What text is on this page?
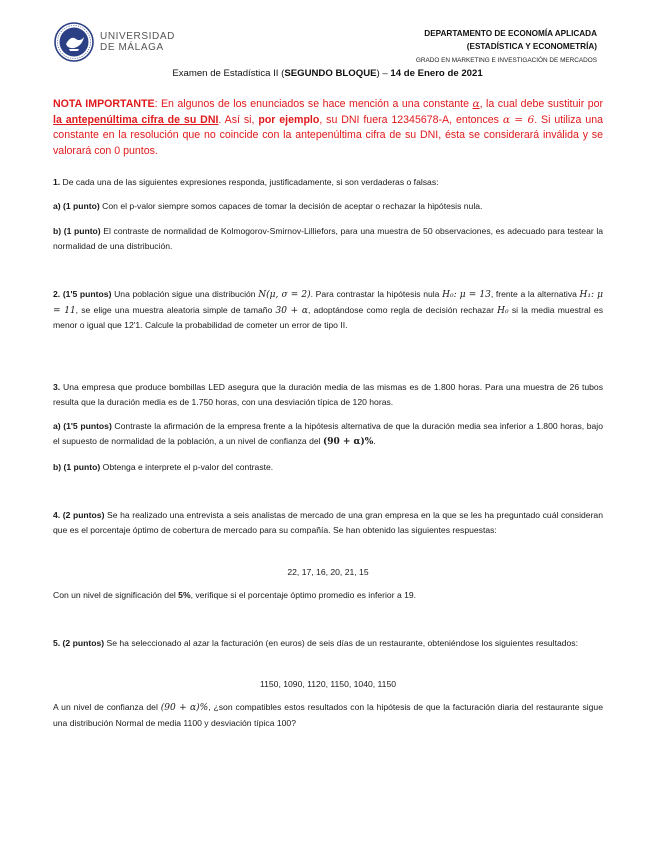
UNIVERSIDAD
DE MÁLAGA
DEPARTAMENTO DE ECONOMÍA APLICADA
(ESTADÍSTICA Y ECONOMETRÍA)
GRADO EN MARKETING E INVESTIGACIÓN DE MERCADOS
Examen de Estadística II (SEGUNDO BLOQUE) – 14 de Enero de 2021
NOTA IMPORTANTE: En algunos de los enunciados se hace mención a una constante α, la cual debe sustituir por la antepenúltima cifra de su DNI. Así si, por ejemplo, su DNI fuera 12345678-A, entonces α = 6. Si utiliza una constante en la resolución que no coincide con la antepenúltima cifra de su DNI, ésta se considerará inválida y se valorará con 0 puntos.
1. De cada una de las siguientes expresiones responda, justificadamente, si son verdaderas o falsas:
a) (1 punto) Con el p-valor siempre somos capaces de tomar la decisión de aceptar o rechazar la hipótesis nula.
b) (1 punto) El contraste de normalidad de Kolmogorov-Smirnov-Lilliefors, para una muestra de 50 observaciones, es adecuado para testear la normalidad de una distribución.
2. (1'5 puntos) Una población sigue una distribución N(μ, σ = 2). Para contrastar la hipótesis nula H₀: μ = 13, frente a la alternativa H₁: μ = 11, se elige una muestra aleatoria simple de tamaño 30 + α, adoptándose como regla de decisión rechazar H₀ si la media muestral es menor o igual que 12'1. Calcule la probabilidad de cometer un error de tipo II.
3. Una empresa que produce bombillas LED asegura que la duración media de las mismas es de 1.800 horas. Para una muestra de 26 tubos resulta que la duración media es de 1.750 horas, con una desviación típica de 120 horas.
a) (1'5 puntos) Contraste la afirmación de la empresa frente a la hipótesis alternativa de que la duración media sea inferior a 1.800 horas, bajo el supuesto de normalidad de la población, a un nivel de confianza del (90 + α)%.
b) (1 punto) Obtenga e interprete el p-valor del contraste.
4. (2 puntos) Se ha realizado una entrevista a seis analistas de mercado de una gran empresa en la que se les ha preguntado cuál consideran que es el porcentaje óptimo de cobertura de mercado para su compañía. Se han obtenido las siguientes respuestas:
22, 17, 16, 20, 21, 15
Con un nivel de significación del 5%, verifique si el porcentaje óptimo promedio es inferior a 19.
5. (2 puntos) Se ha seleccionado al azar la facturación (en euros) de seis días de un restaurante, obteniéndose los siguientes resultados:
1150, 1090, 1120, 1150, 1040, 1150
A un nivel de confianza del (90 + α)%, ¿son compatibles estos resultados con la hipótesis de que la facturación diaria del restaurante sigue una distribución Normal de media 1100 y desviación típica 100?
